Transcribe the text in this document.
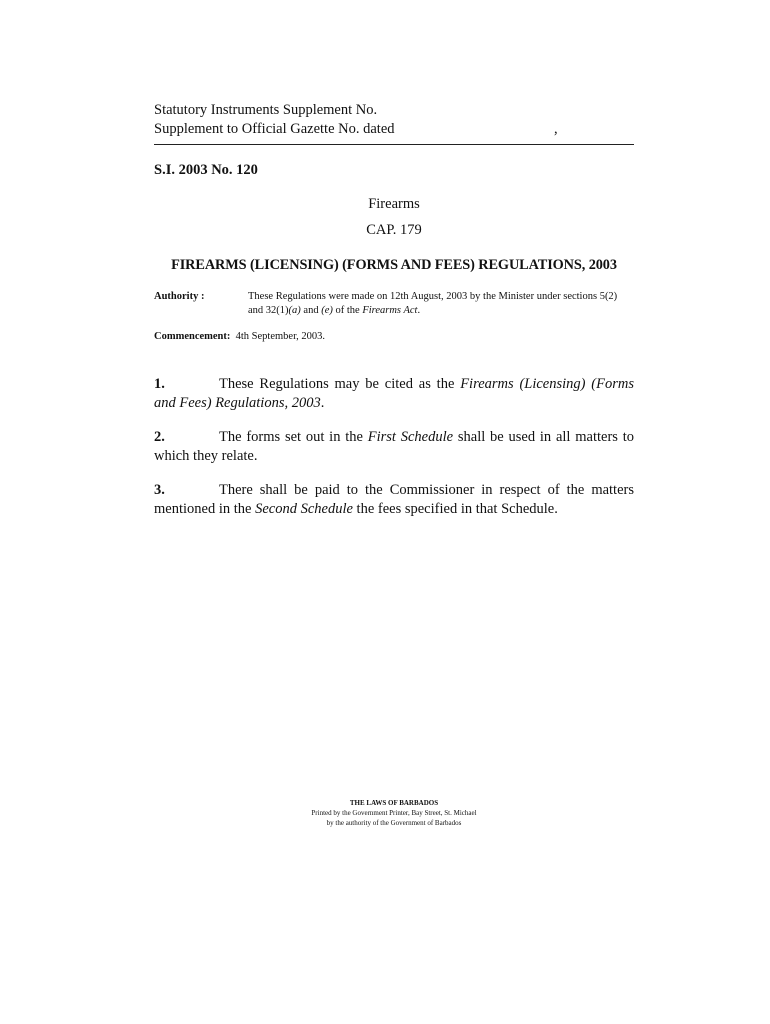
Statutory Instruments Supplement No.
Supplement to Official Gazette No. dated	,
S.I. 2003 No. 120
Firearms
CAP. 179
FIREARMS (LICENSING) (FORMS AND FEES) REGULATIONS, 2003
Authority :	These Regulations were made on 12th August, 2003 by the Minister under sections 5(2) and 32(1)(a) and (e) of the Firearms Act.
Commencement: 4th September, 2003.
1.	These Regulations may be cited as the Firearms (Licensing) (Forms and Fees) Regulations, 2003.
2.	The forms set out in the First Schedule shall be used in all matters to which they relate.
3.	There shall be paid to the Commissioner in respect of the matters mentioned in the Second Schedule the fees specified in that Schedule.
THE LAWS OF BARBADOS
Printed by the Government Printer, Bay Street, St. Michael
by the authority of the Government of Barbados
